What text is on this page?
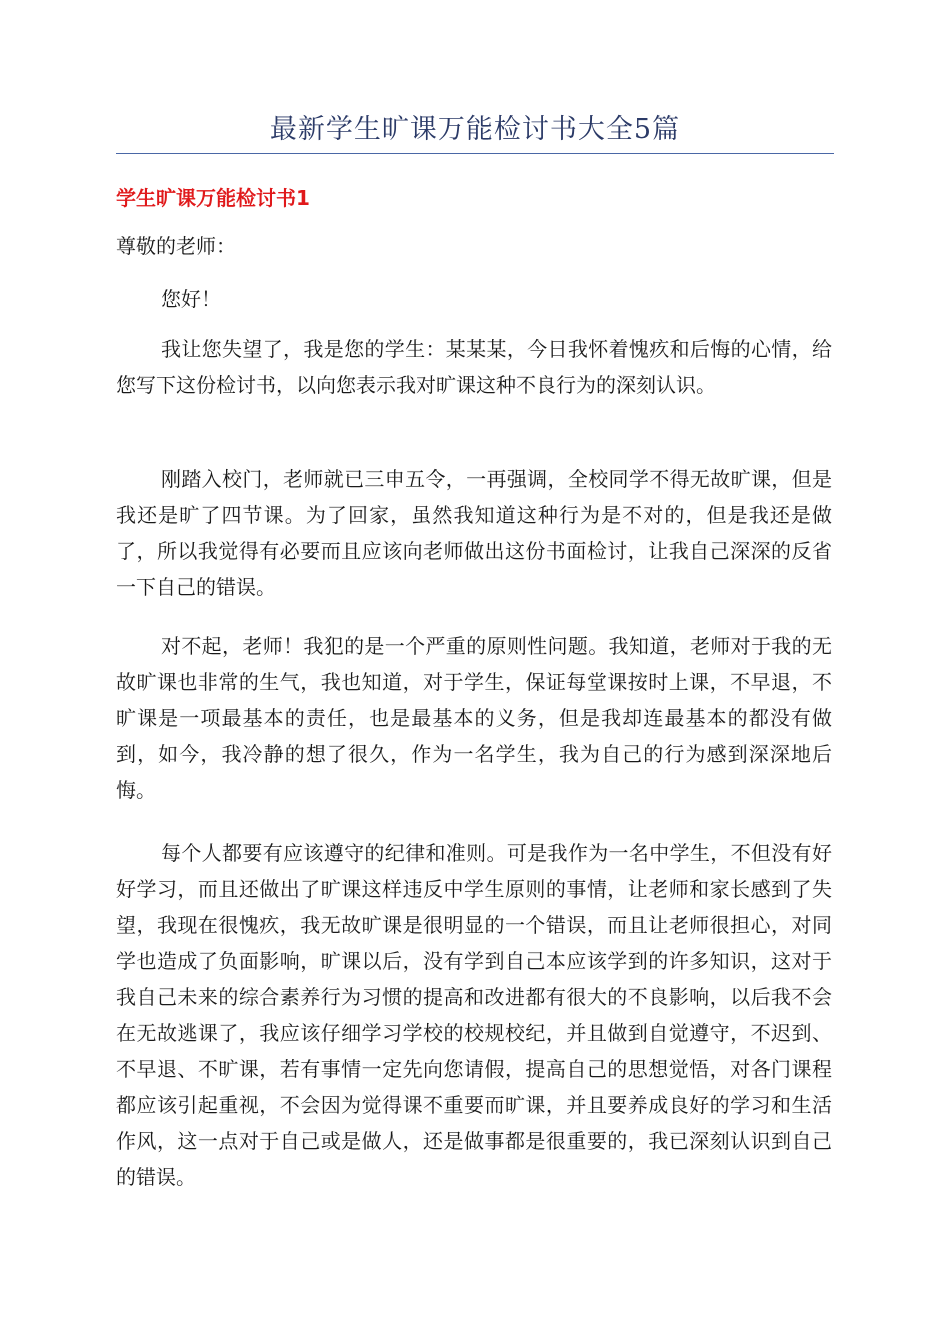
最新学生旷课万能检讨书大全5篇
学生旷课万能检讨书1

尊敬的老师：

您好！

我让您失望了，我是您的学生：某某某，今日我怀着愧疚和后悔的心情，给您写下这份检讨书，以向您表示我对旷课这种不良行为的深刻认识。

刚踏入校门，老师就已三申五令，一再强调，全校同学不得无故旷课，但是我还是旷了四节课。为了回家，虽然我知道这种行为是不对的，但是我还是做了，所以我觉得有必要而且应该向老师做出这份书面检讨，让我自己深深的反省一下自己的错误。

对不起，老师！我犯的是一个严重的原则性问题。我知道，老师对于我的无故旷课也非常的生气，我也知道，对于学生，保证每堂课按时上课，不早退，不旷课是一项最基本的责任，也是最基本的义务，但是我却连最基本的都没有做到，如今，我冷静的想了很久，作为一名学生，我为自己的行为感到深深地后悔。

每个人都要有应该遵守的纪律和准则。可是我作为一名中学生，不但没有好好学习，而且还做出了旷课这样违反中学生原则的事情，让老师和家长感到了失望，我现在很愧疚，我无故旷课是很明显的一个错误，而且让老师很担心，对同学也造成了负面影响，旷课以后，没有学到自己本应该学到的许多知识，这对于我自己未来的综合素养行为习惯的提高和改进都有很大的不良影响，以后我不会在无故逃课了，我应该仔细学习学校的校规校纪，并且做到自觉遵守，不迟到、不早退、不旷课，若有事情一定先向您请假，提高自己的思想觉悟，对各门课程都应该引起重视，不会因为觉得课不重要而旷课，并且要养成良好的学习和生活作风，这一点对于自己或是做人，还是做事都是很重要的，我已深刻认识到自己的错误。
